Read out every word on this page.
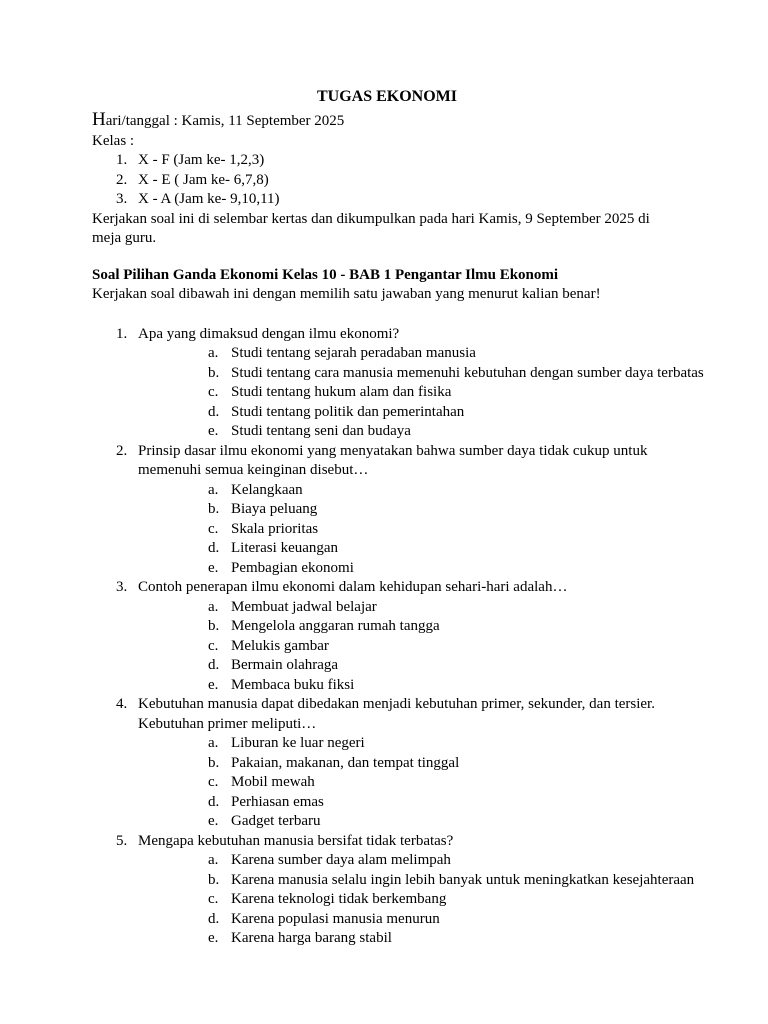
TUGAS EKONOMI

Hari/tanggal : Kamis, 11 September 2025

Kelas :

1. X - F (Jam ke- 1,2,3)
2. X - E ( Jam ke- 6,7,8)
3. X - A (Jam ke- 9,10,11)

Kerjakan soal ini di selembar kertas dan dikumpulkan pada hari Kamis, 9 September 2025 di

meja guru.

Soal Pilihan Ganda Ekonomi Kelas 10 - BAB 1 Pengantar Ilmu Ekonomi

Kerjakan soal dibawah ini dengan memilih satu jawaban yang menurut kalian benar!

1. Apa yang dimaksud dengan ilmu ekonomi?

a. Studi tentang sejarah peradaban manusia
b. Studi tentang cara manusia memenuhi kebutuhan dengan sumber daya terbatas
c. Studi tentang hukum alam dan fisika
d. Studi tentang politik dan pemerintahan
e. Studi tentang seni dan budaya
2. Prinsip dasar ilmu ekonomi yang menyatakan bahwa sumber daya tidak cukup untuk

memenuhi semua keinginan disebut…

a. Kelangkaan
b. Biaya peluang
c. Skala prioritas
d. Literasi keuangan
e. Pembagian ekonomi
3. Contoh penerapan ilmu ekonomi dalam kehidupan sehari-hari adalah…

a. Membuat jadwal belajar
b. Mengelola anggaran rumah tangga
c. Melukis gambar
d. Bermain olahraga
e. Membaca buku fiksi
4. Kebutuhan manusia dapat dibedakan menjadi kebutuhan primer, sekunder, dan tersier.

Kebutuhan primer meliputi…

a. Liburan ke luar negeri
b. Pakaian, makanan, dan tempat tinggal
c. Mobil mewah
d. Perhiasan emas
e. Gadget terbaru
5. Mengapa kebutuhan manusia bersifat tidak terbatas?

a. Karena sumber daya alam melimpah
b. Karena manusia selalu ingin lebih banyak untuk meningkatkan kesejahteraan
c. Karena teknologi tidak berkembang
d. Karena populasi manusia menurun
e. Karena harga barang stabil
